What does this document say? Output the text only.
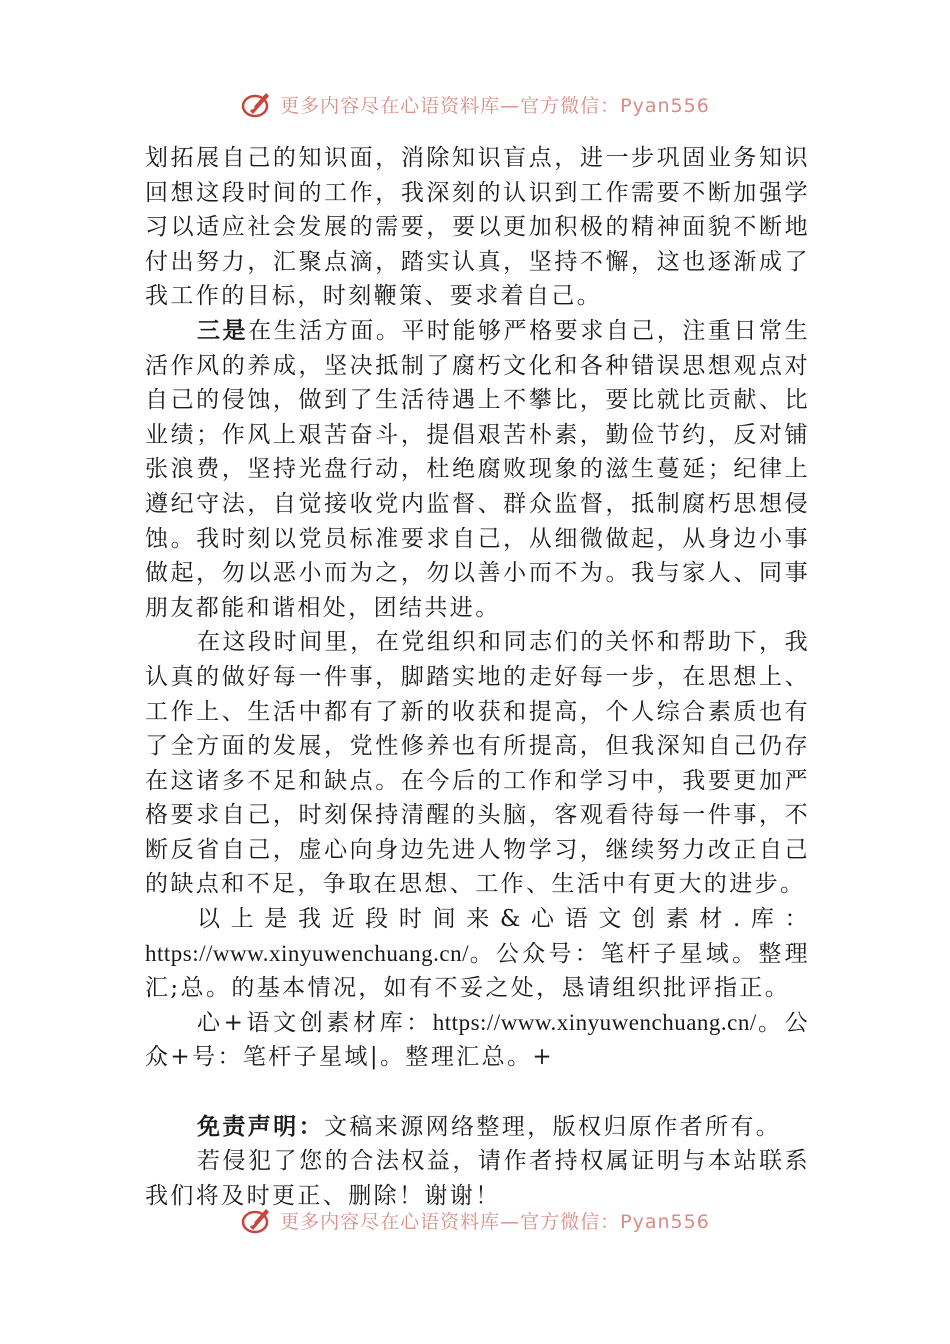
更多内容尽在心语资料库—官方微信：Pyan556

划拓展自己的知识面，消除知识盲点，进一步巩固业务知识回想这段时间的工作，我深刻的认识到工作需要不断加强学习以适应社会发展的需要，要以更加积极的精神面貌不断地付出努力，汇聚点滴，踏实认真，坚持不懈，这也逐渐成了我工作的目标，时刻鞭策、要求着自己。

三是在生活方面。平时能够严格要求自己，注重日常生活作风的养成，坚决抵制了腐朽文化和各种错误思想观点对自己的侵蚀，做到了生活待遇上不攀比，要比就比贡献、比业绩；作风上艰苦奋斗，提倡艰苦朴素，勤俭节约，反对铺张浪费，坚持光盘行动，杜绝腐败现象的滋生蔓延；纪律上遵纪守法，自觉接收党内监督、群众监督，抵制腐朽思想侵蚀。我时刻以党员标准要求自己，从细微做起，从身边小事做起，勿以恶小而为之，勿以善小而不为。我与家人、同事朋友都能和谐相处，团结共进。

在这段时间里，在党组织和同志们的关怀和帮助下，我认真的做好每一件事，脚踏实地的走好每一步，在思想上、工作上、生活中都有了新的收获和提高，个人综合素质也有了全方面的发展，党性修养也有所提高，但我深知自己仍存在这诸多不足和缺点。在今后的工作和学习中，我要更加严格要求自己，时刻保持清醒的头脑，客观看待每一件事，不断反省自己，虚心向身边先进人物学习，继续努力改正自己的缺点和不足，争取在思想、工作、生活中有更大的进步。

以上是我近段时间来&心语文创素材.库：https://www.xinyuwenchuang.cn/。公众号：笔杆子星域。整理汇;总。的基本情况，如有不妥之处，恳请组织批评指正。

心+语文创素材库：https://www.xinyuwenchuang.cn/。公众+号：笔杆子星域|。整理汇总。+

免责声明：文稿来源网络整理，版权归原作者所有。

若侵犯了您的合法权益，请作者持权属证明与本站联系我们将及时更正、删除！谢谢！

更多内容尽在心语资料库—官方微信：Pyan556
